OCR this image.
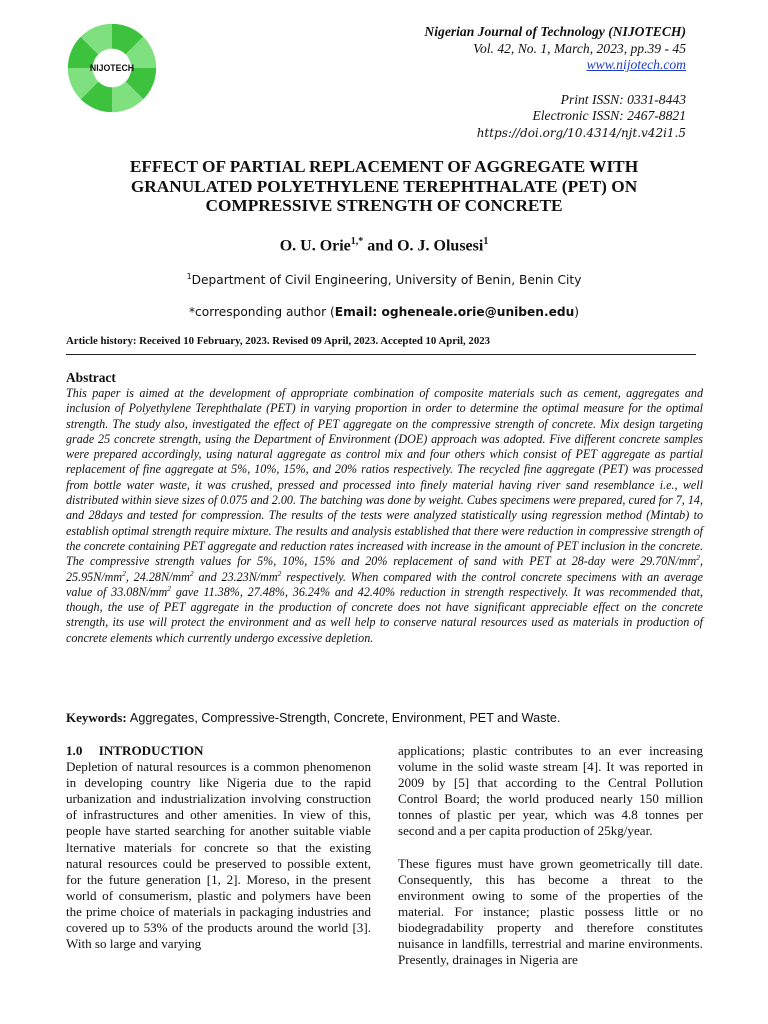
NIJOTECH
Nigerian Journal of Technology (NIJOTECH)
Vol. 42, No. 1, March, 2023, pp.39 - 45
www.nijotech.com
Print ISSN: 0331-8443
Electronic ISSN: 2467-8821
https://doi.org/10.4314/njt.v42i1.5
EFFECT OF PARTIAL REPLACEMENT OF AGGREGATE WITH
GRANULATED POLYETHYLENE TEREPHTHALATE (PET) ON
COMPRESSIVE STRENGTH OF CONCRETE
O. U. Orie$^{1,*}$ and O. J. Olusesi$^1$
$^1$Department of Civil Engineering, University of Benin, Benin City
*corresponding author (Email: ogheneale.orie@uniben.edu)
Article history: Received 10 February, 2023. Revised 09 April, 2023. Accepted 10 April, 2023
Abstract
This paper is aimed at the development of appropriate combination of composite materials such as cement, aggregates and inclusion of Polyethylene Terephthalate (PET) in varying proportion in order to determine the optimal measure for the optimal strength. The study also, investigated the effect of PET aggregate on the compressive strength of concrete. Mix design targeting grade 25 concrete strength, using the Department of Environment (DOE) approach was adopted. Five different concrete samples were prepared accordingly, using natural aggregate as control mix and four others which consist of PET aggregate as partial replacement of fine aggregate at 5%, 10%, 15%, and 20% ratios respectively. The recycled fine aggregate (PET) was processed from bottle water waste, it was crushed, pressed and processed into finely material having river sand resemblance i.e., well distributed within sieve sizes of 0.075 and 2.00. The batching was done by weight. Cubes specimens were prepared, cured for 7, 14, and 28days and tested for compression. The results of the tests were analyzed statistically using regression method (Mintab) to establish optimal strength require mixture. The results and analysis established that there were reduction in compressive strength of the concrete containing PET aggregate and reduction rates increased with increase in the amount of PET inclusion in the concrete. The compressive strength values for 5%, 10%, 15% and 20% replacement of sand with PET at 28-day were $29.70N/mm^2$, $25.95N/mm^2$, $24.28N/mm^2$ and $23.23N/mm^2$ respectively. When compared with the control concrete specimens with an average value of $33.08N/mm^2$ gave 11.38%, 27.48%, 36.24% and 42.40% reduction in strength respectively. It was recommended that, though, the use of PET aggregate in the production of concrete does not have significant appreciable effect on the concrete strength, its use will protect the environment and as well help to conserve natural resources used as materials in production of concrete elements which currently undergo excessive depletion.
Keywords: Aggregates, Compressive-Strength, Concrete, Environment, PET and Waste.
1.0     INTRODUCTION

Depletion of natural resources is a common phenomenon in developing country like Nigeria due to the rapid urbanization and industrialization involving construction of infrastructures and other amenities. In view of this, people have started searching for another suitable viable lternative materials for concrete so that the existing natural resources could be preserved to possible extent, for the future generation [1, 2]. Moreso, in the present world of consumerism, plastic and polymers have been the prime choice of materials in packaging industries and covered up to 53% of the products around the world [3]. With so large and varying

applications; plastic contributes to an ever increasing volume in the solid waste stream [4]. It was reported in 2009 by [5] that according to the Central Pollution Control Board; the world produced nearly 150 million tonnes of plastic per year, which was 4.8 tonnes per second and a per capita production of 25kg/year.

These figures must have grown geometrically till date. Consequently, this has become a threat to the environment owing to some of the properties of the material. For instance; plastic possess little or no biodegradability property and therefore constitutes nuisance in landfills, terrestrial and marine environments. Presently, drainages in Nigeria are
